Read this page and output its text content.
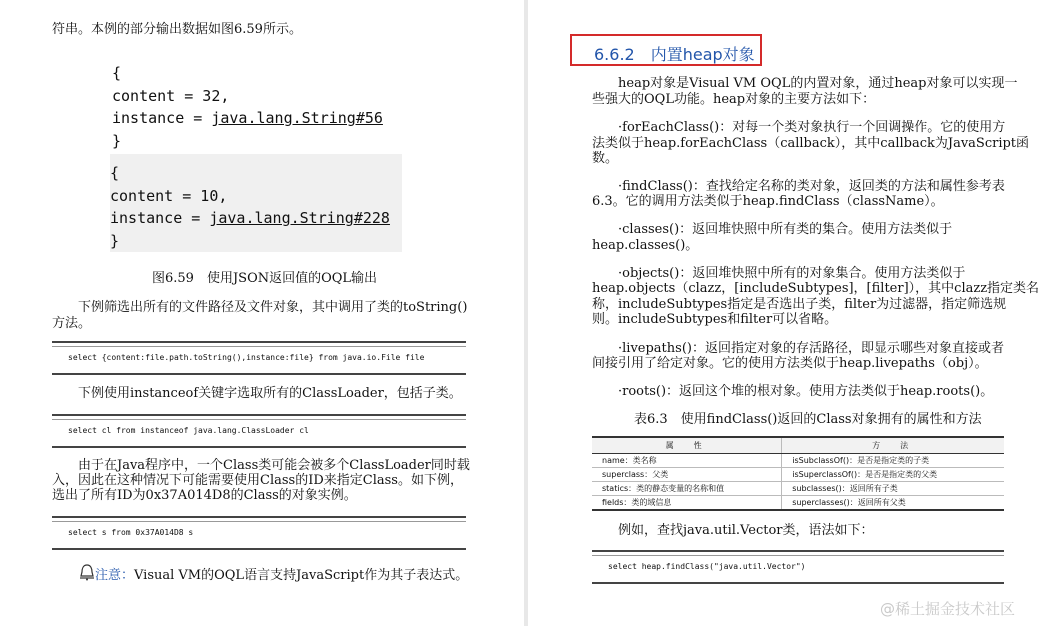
符串。本例的部分输出数据如图6.59所示。
{
content = 32,
instance = java.lang.String#56
}
{
content = 10,
instance = java.lang.String#228
}
图6.59　使用JSON返回值的OQL输出
下例筛选出所有的文件路径及文件对象，其中调用了类的toString()
方法。
select {content:file.path.toString(),instance:file} from java.io.File file
下例使用instanceof关键字选取所有的ClassLoader，包括子类。
select cl from instanceof java.lang.ClassLoader cl
由于在Java程序中，一个Class类可能会被多个ClassLoader同时载
入，因此在这种情况下可能需要使用Class的ID来指定Class。如下例，
选出了所有ID为0x37A014D8的Class的对象实例。
select s from 0x37A014D8 s
注意：Visual VM的OQL语言支持JavaScript作为其子表达式。
6.6.2　内置heap对象
heap对象是Visual VM OQL的内置对象，通过heap对象可以实现一
些强大的OQL功能。heap对象的主要方法如下：
·forEachClass()：对每一个类对象执行一个回调操作。它的使用方
法类似于heap.forEachClass（callback），其中callback为JavaScript函
数。
·findClass()：查找给定名称的类对象，返回类的方法和属性参考表
6.3。它的调用方法类似于heap.findClass（className）。
·classes()：返回堆快照中所有类的集合。使用方法类似于
heap.classes()。
·objects()：返回堆快照中所有的对象集合。使用方法类似于
heap.objects（clazz，[includeSubtypes]，[filter]），其中clazz指定类名
称，includeSubtypes指定是否选出子类，filter为过滤器，指定筛选规
则。includeSubtypes和filter可以省略。
·livepaths()：返回指定对象的存活路径，即显示哪些对象直接或者
间接引用了给定对象。它的使用方法类似于heap.livepaths（obj）。
·roots()：返回这个堆的根对象。使用方法类似于heap.roots()。
表6.3　使用findClass()返回的Class对象拥有的属性和方法
属　性	方　法
name：类名称	isSubclassOf()：是否是指定类的子类
superclass：父类	isSuperclassOf()：是否是指定类的父类
statics：类的静态变量的名称和值	subclasses()：返回所有子类
fields：类的域信息	superclasses()：返回所有父类
例如，查找java.util.Vector类，语法如下：
select heap.findClass("java.util.Vector")
@稀土掘金技术社区
